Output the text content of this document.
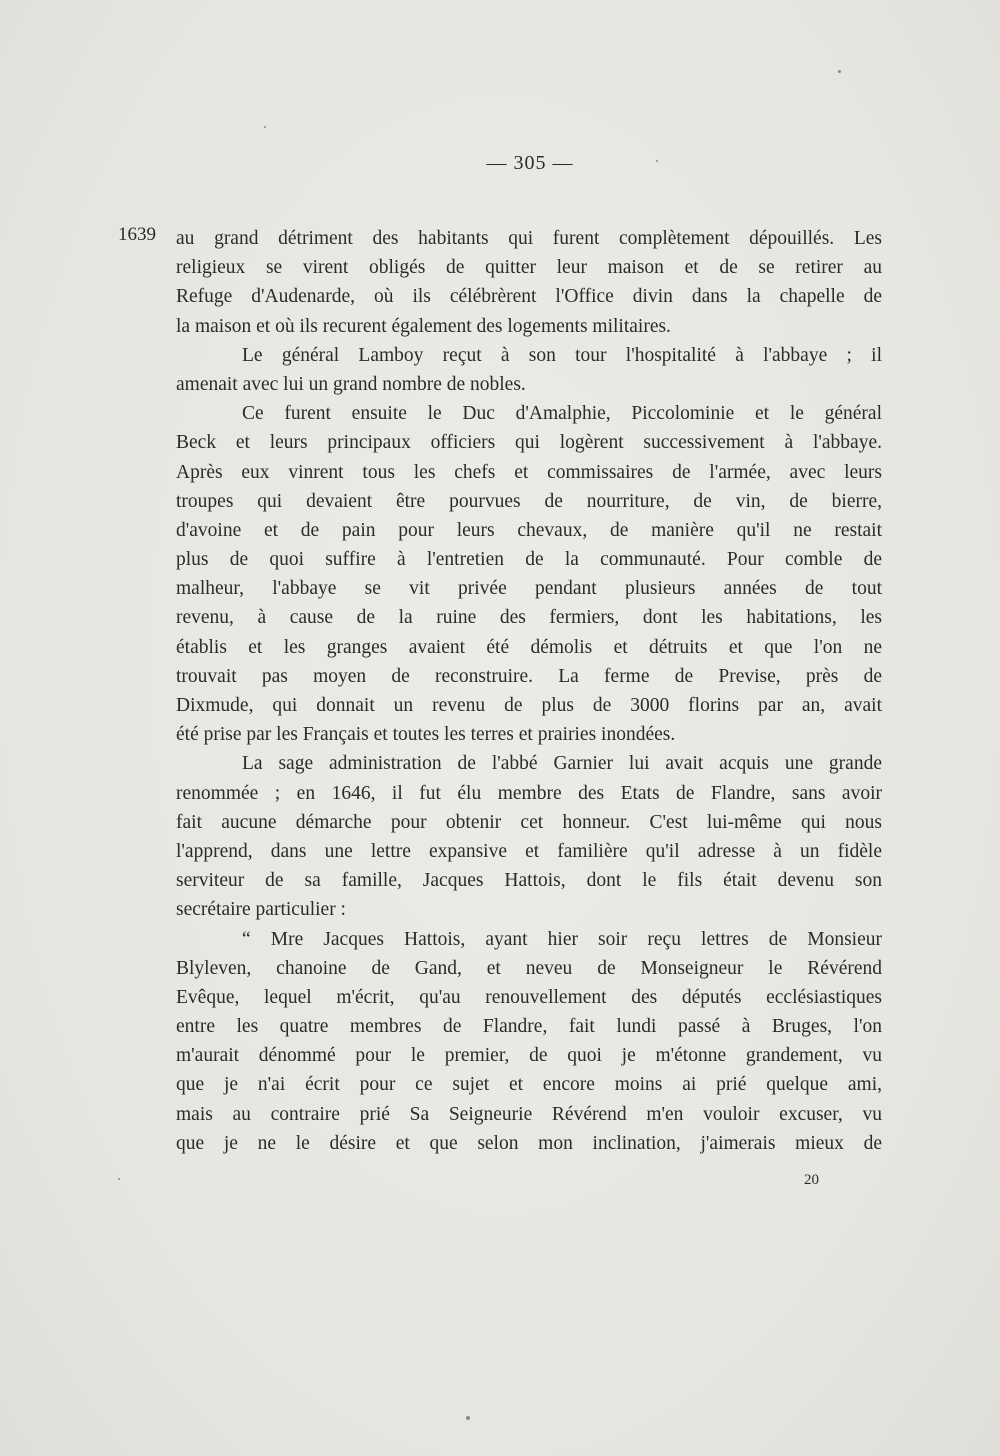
— 305 —
1639 au grand détriment des habitants qui furent complètement dépouillés. Les
religieux se virent obligés de quitter leur maison et de se retirer au
Refuge d'Audenarde, où ils célébrèrent l'Office divin dans la chapelle de
la maison et où ils recurent également des logements militaires.
Le général Lamboy reçut à son tour l'hospitalité à l'abbaye ; il
amenait avec lui un grand nombre de nobles.
Ce furent ensuite le Duc d'Amalphie, Piccolominie et le général
Beck et leurs principaux officiers qui logèrent successivement à l'abbaye.
Après eux vinrent tous les chefs et commissaires de l'armée, avec leurs
troupes qui devaient être pourvues de nourriture, de vin, de bierre,
d'avoine et de pain pour leurs chevaux, de manière qu'il ne restait
plus de quoi suffire à l'entretien de la communauté. Pour comble de
malheur, l'abbaye se vit privée pendant plusieurs années de tout
revenu, à cause de la ruine des fermiers, dont les habitations, les
établis et les granges avaient été démolis et détruits et que l'on ne
trouvait pas moyen de reconstruire. La ferme de Previse, près de
Dixmude, qui donnait un revenu de plus de 3000 florins par an, avait
été prise par les Français et toutes les terres et prairies inondées.
La sage administration de l'abbé Garnier lui avait acquis une grande
renommée ; en 1646, il fut élu membre des Etats de Flandre, sans avoir
fait aucune démarche pour obtenir cet honneur. C'est lui-même qui nous
l'apprend, dans une lettre expansive et familière qu'il adresse à un fidèle
serviteur de sa famille, Jacques Hattois, dont le fils était devenu son
secrétaire particulier :
“ Mre Jacques Hattois, ayant hier soir reçu lettres de Monsieur
Blyleven, chanoine de Gand, et neveu de Monseigneur le Révérend
Evêque, lequel m'écrit, qu'au renouvellement des députés ecclésiastiques
entre les quatre membres de Flandre, fait lundi passé à Bruges, l'on
m'aurait dénommé pour le premier, de quoi je m'étonne grandement, vu
que je n'ai écrit pour ce sujet et encore moins ai prié quelque ami,
mais au contraire prié Sa Seigneurie Révérend m'en vouloir excuser, vu
que je ne le désire et que selon mon inclination, j'aimerais mieux de
20
